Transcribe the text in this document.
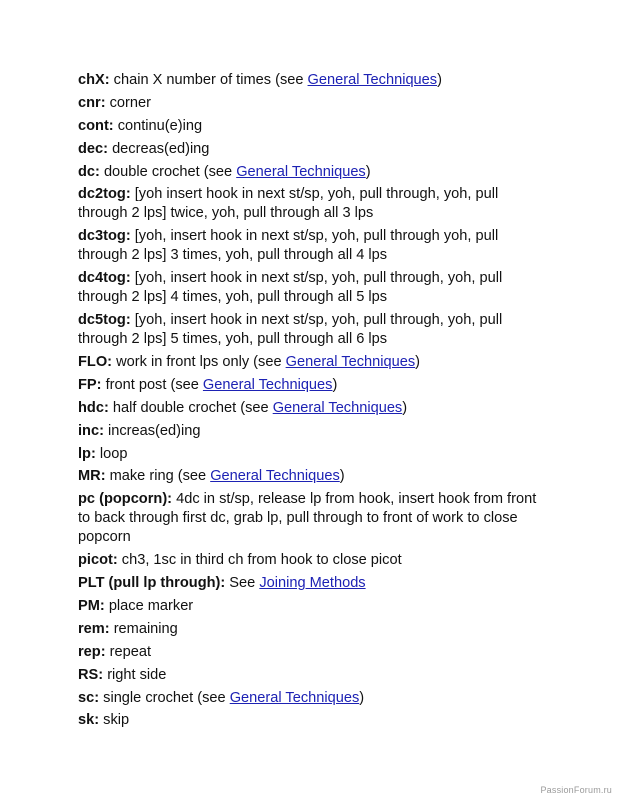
chX: chain X number of times (see General Techniques)
cnr: corner
cont: continu(e)ing
dec: decreas(ed)ing
dc: double crochet (see General Techniques)
dc2tog: [yoh insert hook in next st/sp, yoh, pull through, yoh, pull through 2 lps] twice, yoh, pull through all 3 lps
dc3tog: [yoh, insert hook in next st/sp, yoh, pull through yoh, pull through 2 lps] 3 times, yoh, pull through all 4 lps
dc4tog: [yoh, insert hook in next st/sp, yoh, pull through, yoh, pull through 2 lps] 4 times, yoh, pull through all 5 lps
dc5tog: [yoh, insert hook in next st/sp, yoh, pull through, yoh, pull through 2 lps] 5 times, yoh, pull through all 6 lps
FLO: work in front lps only (see General Techniques)
FP: front post (see General Techniques)
hdc: half double crochet (see General Techniques)
inc: increas(ed)ing
lp: loop
MR: make ring (see General Techniques)
pc (popcorn): 4dc in st/sp, release lp from hook, insert hook from front to back through first dc, grab lp, pull through to front of work to close popcorn
picot: ch3, 1sc in third ch from hook to close picot
PLT (pull lp through): See Joining Methods
PM: place marker
rem: remaining
rep: repeat
RS: right side
sc: single crochet (see General Techniques)
sk: skip
PassionForum.ru
